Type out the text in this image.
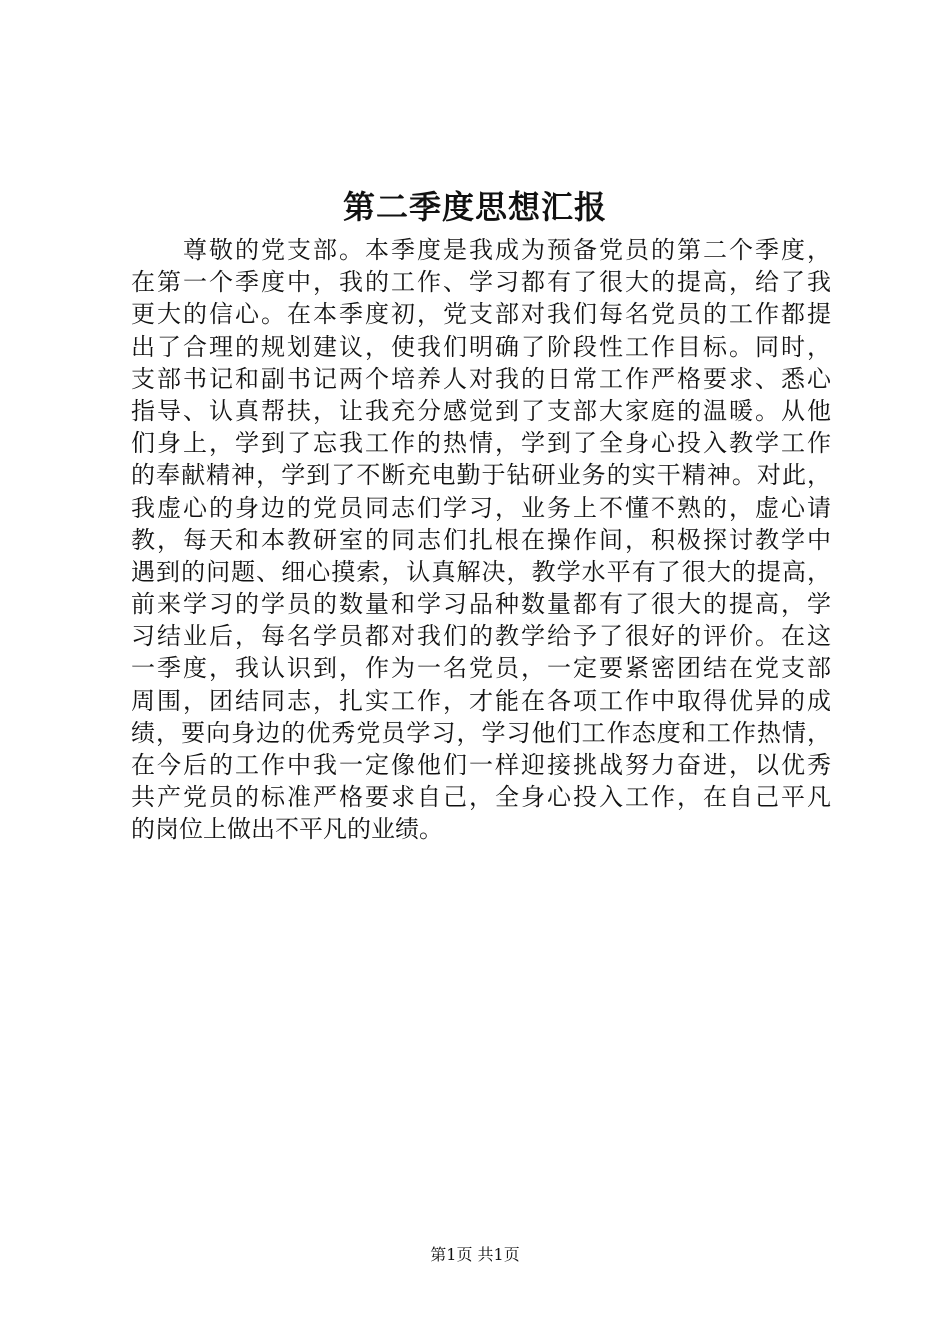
第二季度思想汇报
尊敬的党支部。本季度是我成为预备党员的第二个季度，
在第一个季度中，我的工作、学习都有了很大的提高，给了我
更大的信心。在本季度初，党支部对我们每名党员的工作都提
出了合理的规划建议，使我们明确了阶段性工作目标。同时，
支部书记和副书记两个培养人对我的日常工作严格要求、悉心
指导、认真帮扶，让我充分感觉到了支部大家庭的温暖。从他
们身上，学到了忘我工作的热情，学到了全身心投入教学工作
的奉献精神，学到了不断充电勤于钻研业务的实干精神。对此，
我虚心的身边的党员同志们学习，业务上不懂不熟的，虚心请
教，每天和本教研室的同志们扎根在操作间，积极探讨教学中
遇到的问题、细心摸索，认真解决，教学水平有了很大的提高，
前来学习的学员的数量和学习品种数量都有了很大的提高，学
习结业后，每名学员都对我们的教学给予了很好的评价。在这
一季度，我认识到，作为一名党员，一定要紧密团结在党支部
周围，团结同志，扎实工作，才能在各项工作中取得优异的成
绩，要向身边的优秀党员学习，学习他们工作态度和工作热情，
在今后的工作中我一定像他们一样迎接挑战努力奋进，以优秀
共产党员的标准严格要求自己，全身心投入工作，在自己平凡
的岗位上做出不平凡的业绩。

第1页 共1页
